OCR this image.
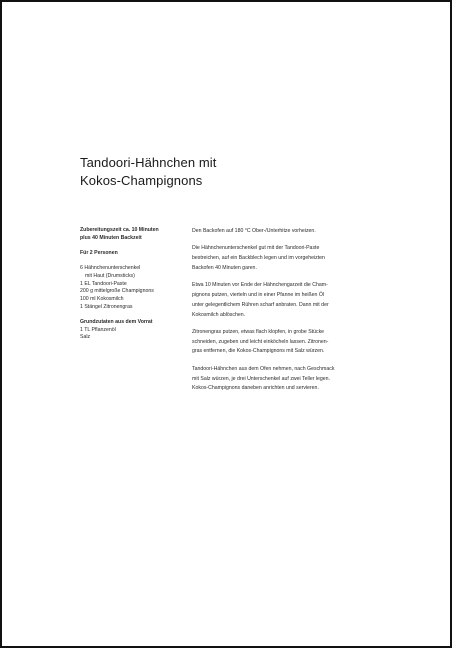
Tandoori-Hähnchen mit
Kokos-Champignons
Zubereitungszeit ca. 10 Minuten
plus 40 Minuten Backzeit
Für 2 Personen
6 Hähnchenunterschenkel
mit Haut (Drumsticks)
1 EL Tandoori-Paste
200 g mittelgroße Champignons
100 ml Kokosmilch
1 Stängel Zitronengras
Grundzutaten aus dem Vorrat
1 TL Pflanzenöl
Salz

Den Backofen auf 180 °C Ober-/Unterhitze vorheizen.

Die Hähnchenunterschenkel gut mit der Tandoori-Paste
bestreichen, auf ein Backblech legen und im vorgeheizten
Backofen 40 Minuten garen.

Etwa 10 Minuten vor Ende der Hähnchengarzeit die Cham-
pignons putzen, vierteln und in einer Pfanne im heißen Öl
unter gelegentlichem Rühren scharf anbraten. Dann mit der
Kokosmilch ablöschen.

Zitronengras putzen, etwas flach klopfen, in grobe Stücke
schneiden, zugeben und leicht einköcheln lassen. Zitronen-
gras entfernen, die Kokos-Champignons mit Salz würzen.

Tandoori-Hähnchen aus dem Ofen nehmen, nach Geschmack
mit Salz würzen, je drei Unterschenkel auf zwei Teller legen.
Kokos-Champignons daneben anrichten und servieren.
